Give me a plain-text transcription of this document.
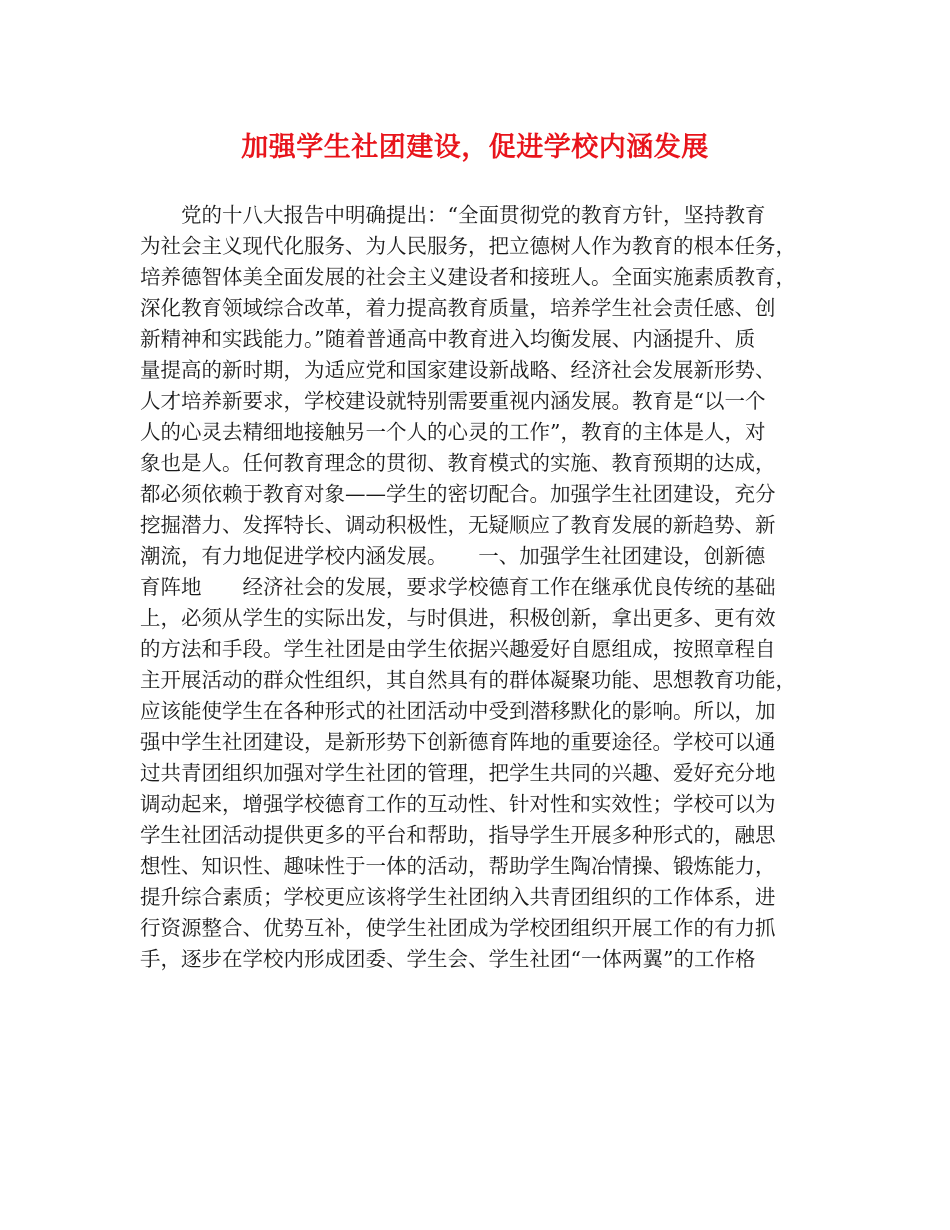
加强学生社团建设，促进学校内涵发展
　　党的十八大报告中明确提出：“全面贯彻党的教育方针，坚持教育
为社会主义现代化服务、为人民服务，把立德树人作为教育的根本任务，
培养德智体美全面发展的社会主义建设者和接班人。全面实施素质教育，
深化教育领域综合改革，着力提高教育质量，培养学生社会责任感、创
新精神和实践能力。”随着普通高中教育进入均衡发展、内涵提升、质
量提高的新时期，为适应党和国家建设新战略、经济社会发展新形势、
人才培养新要求，学校建设就特别需要重视内涵发展。教育是“以一个
人的心灵去精细地接触另一个人的心灵的工作”，教育的主体是人，对
象也是人。任何教育理念的贯彻、教育模式的实施、教育预期的达成，
都必须依赖于教育对象——学生的密切配合。加强学生社团建设，充分
挖掘潜力、发挥特长、调动积极性，无疑顺应了教育发展的新趋势、新
潮流，有力地促进学校内涵发展。　　一、加强学生社团建设，创新德
育阵地　　经济社会的发展，要求学校德育工作在继承优良传统的基础
上，必须从学生的实际出发，与时俱进，积极创新，拿出更多、更有效
的方法和手段。学生社团是由学生依据兴趣爱好自愿组成，按照章程自
主开展活动的群众性组织，其自然具有的群体凝聚功能、思想教育功能，
应该能使学生在各种形式的社团活动中受到潜移默化的影响。所以，加
强中学生社团建设，是新形势下创新德育阵地的重要途径。学校可以通
过共青团组织加强对学生社团的管理，把学生共同的兴趣、爱好充分地
调动起来，增强学校德育工作的互动性、针对性和实效性；学校可以为
学生社团活动提供更多的平台和帮助，指导学生开展多种形式的，融思
想性、知识性、趣味性于一体的活动，帮助学生陶冶情操、锻炼能力，
提升综合素质；学校更应该将学生社团纳入共青团组织的工作体系，进
行资源整合、优势互补，使学生社团成为学校团组织开展工作的有力抓
手，逐步在学校内形成团委、学生会、学生社团“一体两翼”的工作格
